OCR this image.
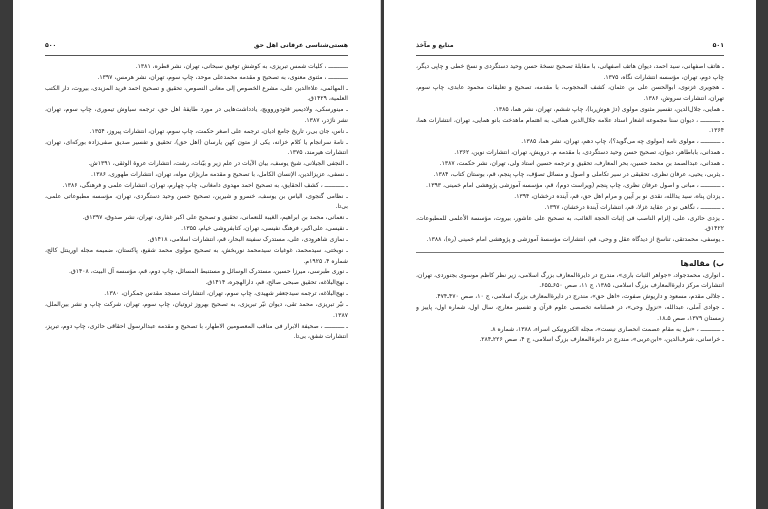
۵۰۰	هستی‌شناسی عرفانی اهل حق

ـــــــــــ ، کلیات شمس تبریزی، به کوشش توفیق سبحانی، تهران، نشر قطره، ۱۳۸۱.

ـــــــــــ ، مثنوی معنوی، به تصحیح و مقدمه محمدعلی موحد، چاپ سوم، تهران، نشر هرمس، ۱۳۹۷.

ـ المهائمی، علاءالدین علی، مشرع الخصوص إلی معانی النصوص، تحقیق و تصحیح احمد فرید المزیدی، بیروت، دار الکتب العلمیة، ۱۴۲۹ق.

ـ مینورسکی، ولادیمیر فئودوروویچ، یادداشت‌هایی در مورد طایفهٔ اهل حق، ترجمه سیاوش تیموری، چاپ سوم، تهران، نشر ناژدر، ۱۳۸۷.

ـ ناس، جان بی‌ر، تاریخ جامع ادیان، ترجمه علی اصغر حکمت، چاپ سوم، تهران، انتشارات پیروز، ۱۳۵۴.

ـ نامهٔ سرانجام یا کلام خزانه، یکی از متون کهن یارسان (اهل حق)، تحقیق و تفسیر صدیق صفی‌زاده بورکه‌ای، تهران، انتشارات هیرمند، ۱۳۷۵.

ـ النجفی الجیلانی، شیخ یوسف، بیان الآیات در علم زیر و بیّنات، رشت، انتشارات عروة الوثقی، ۱۳۹۱ش.

ـ نسفی، عزیزالدین، الإنسان الکامل، با تصحیح و مقدمه ماریژان موله، تهران، انتشارات طهوری، ۱۳۸۶.

ـ ـــــــــــ ، کشف الحقایق، به تصحیح احمد مهدوی دامغانی، چاپ چهارم، تهران، انتشارات علمی و فرهنگی، ۱۳۸۶.

ـ نظامی گنجوی، الیاس بن یوسف، خسرو و شیرین، تصحیح حسن وحید دستگردی، تهران، مؤسسه مطبوعاتی علمی، بی‌تا.

ـ نعمانی، محمد بن ابراهیم، الغیبة للنعمانی، تحقیق و تصحیح علی اکبر غفاری، تهران، نشر صدوق، ۱۳۹۷ق.

ـ نفیسی، علی‌اکبر، فرهنگ نفیسی، تهران، کتابفروشی خیام، ۱۳۵۵.

ـ نمازی شاهرودی، علی، مستدرک سفینة البحار، قم، انتشارات اسلامی، ۱۴۱۸ق.

ـ نوبختی، سیدمحمد، غوغیات سیدمحمد نوربخش، به تصحیح مولوی محمد شفیع، پاکستان، ضمیمه مجله اورینتل کالج، شماره ۴، ۱۹۲۵م.

ـ نوری طبرسی، میرزا حسین، مستدرک الوسائل و مستنبط المسائل، چاپ دوم، قم، مؤسسه آل البیت، ۱۴۰۸ق.

ـ نهج‌البلاغه، تحقیق صبحی صالح، قم، دارالهجره، ۱۴۱۴ق.

ـ نهج‌البلاغه، ترجمه سیدجعفر شهیدی، چاپ سوم، تهران، انتشارات مسجد مقدس جمکران، ۱۳۸۰.

ـ نیّر تبریزی، محمد تقی، دیوان نیّر تبریزی، به تصحیح بهروز ثروتیان، چاپ سوم، تهران، شرکت چاپ و نشر بین‌الملل، ۱۳۸۷.

ـ ـــــــــــ ، صحیفة الابرار فی مناقب المعصومین الاطهار، با تصحیح و مقدمه عبدالرسول احقاقی حائری، چاپ دوم، تبریز، انتشارات شفق، بی‌تا.

۵۰۱
منابع و مآخذ

ـ هاتف اصفهانی، سید احمد، دیوان هاتف اصفهانی، با مقابلهٔ تصحیح نسخهٔ حسن وحید دستگردی و نسخ خطی و چاپی دیگر، چاپ دوم، تهران، مؤسسه انتشارات نگاه، ۱۳۷۵.

ـ هجویری غزنوی، ابوالحسن علی بن عثمان، کشف المحجوب، با مقدمه، تصحیح و تعلیقات محمود عابدی، چاپ سوم، تهران، انتشارات سروش، ۱۳۸۶.

ـ همایی، جلال‌الدین، تفسیر مثنوی مولوی (دژ هوش‌ربا)، چاپ ششم، تهران، نشر هما، ۱۳۸۵.

ـ ـــــــــــ ، دیوان سنا مجموعه اشعار استاد علامه جلال‌الدین همائی، به اهتمام ماهدخت بانو همایی، تهران، انتشارات هما، ۱۳۶۴.

ـ ـــــــــــ ، مولوی نامه (مولوی چه می‌گوید؟)، چاپ دهم، تهران، نشر هما، ۱۳۸۵.

ـ همدانی، باباطاهر، دیوان، تصحیح حسن وحید دستگردی، با مقدمه م. درویش، تهران، انتشارات نوین، ۱۳۶۲.

ـ همدانی، عبدالصمد بن محمد حسین، بحر المعارف، تحقیق و ترجمه حسین استاد ولی، تهران، نشر حکمت، ۱۳۸۷.

ـ یثربی، یحیی، عرفان نظری، تحقیقی در سیر تکاملی و اصول و مسائل تصوّف، چاپ پنجم، قم، بوستان کتاب، ۱۳۸۴.

ـ ـــــــــــ ، مبانی و اصول عرفان نظری، چاپ پنجم (ویراست دوم)، قم، مؤسسه آموزشی پژوهشی امام خمینی، ۱۳۹۳.

ـ یزدان پناه، سید یدالله، نقدی نو بر آیین و مرام اهل حق، قم، آینده درخشان، ۱۳۹۴.

ـ ـــــــــــ ، نگاهی نو در عقاید غزلا، قم، انتشارات آیندهٔ درخشان، ۱۳۹۷.

ـ یزدی حائری، علی، إلزام الناصب فی إثبات الحجة الغائب، به تصحیح علی عاشور، بیروت، مؤسسة الأعلمی للمطبوعات، ۱۴۲۲ق.

ـ یوسفی، محمدتقی، تناسخ از دیدگاه عقل و وحی، قم، انتشارات مؤسسهٔ آموزشی و پژوهشی امام خمینی (ره)، ۱۳۸۸.

ب) مقاله‌ها

ـ انواری، محمدجواد، «جواهر الثبات باری»، مندرج در دایرةالمعارف بزرگ اسلامی، زیر نظر کاظم موسوی بجنوردی، تهران، انتشارات مرکز دایرةالمعارف بزرگ اسلامی، ۱۳۸۵، ج ۱۱، صص ۶۵۰ـ۶۵۵.

ـ جلالی مقدم، مسعود و داریوش صفوت، «اهل حق»، مندرج در دایرةالمعارف بزرگ اسلامی، ج ۱۰، صص ۴۷۰ـ۴۷۴.

ـ جوادی آملی، عبدالله، «نزول وحی»، در فصلنامه تخصصی علوم قرآن و تفسیر معارج، سال اول، شماره اول، پاییز و زمستان ۱۳۷۹، صص ۵ـ۱۸.

ـ ـــــــــــ ، «نیل به مقام عصمت انحصاری نیست»، مجله الکترونیکی اسراء، ۱۳۸۸، شماره ۸.

ـ خراسانی، شرف‌الدین، «ابن‌عربی»، مندرج در دایرةالمعارف بزرگ اسلامی، ج ۴، صص ۲۲۶ـ۲۸۴.
